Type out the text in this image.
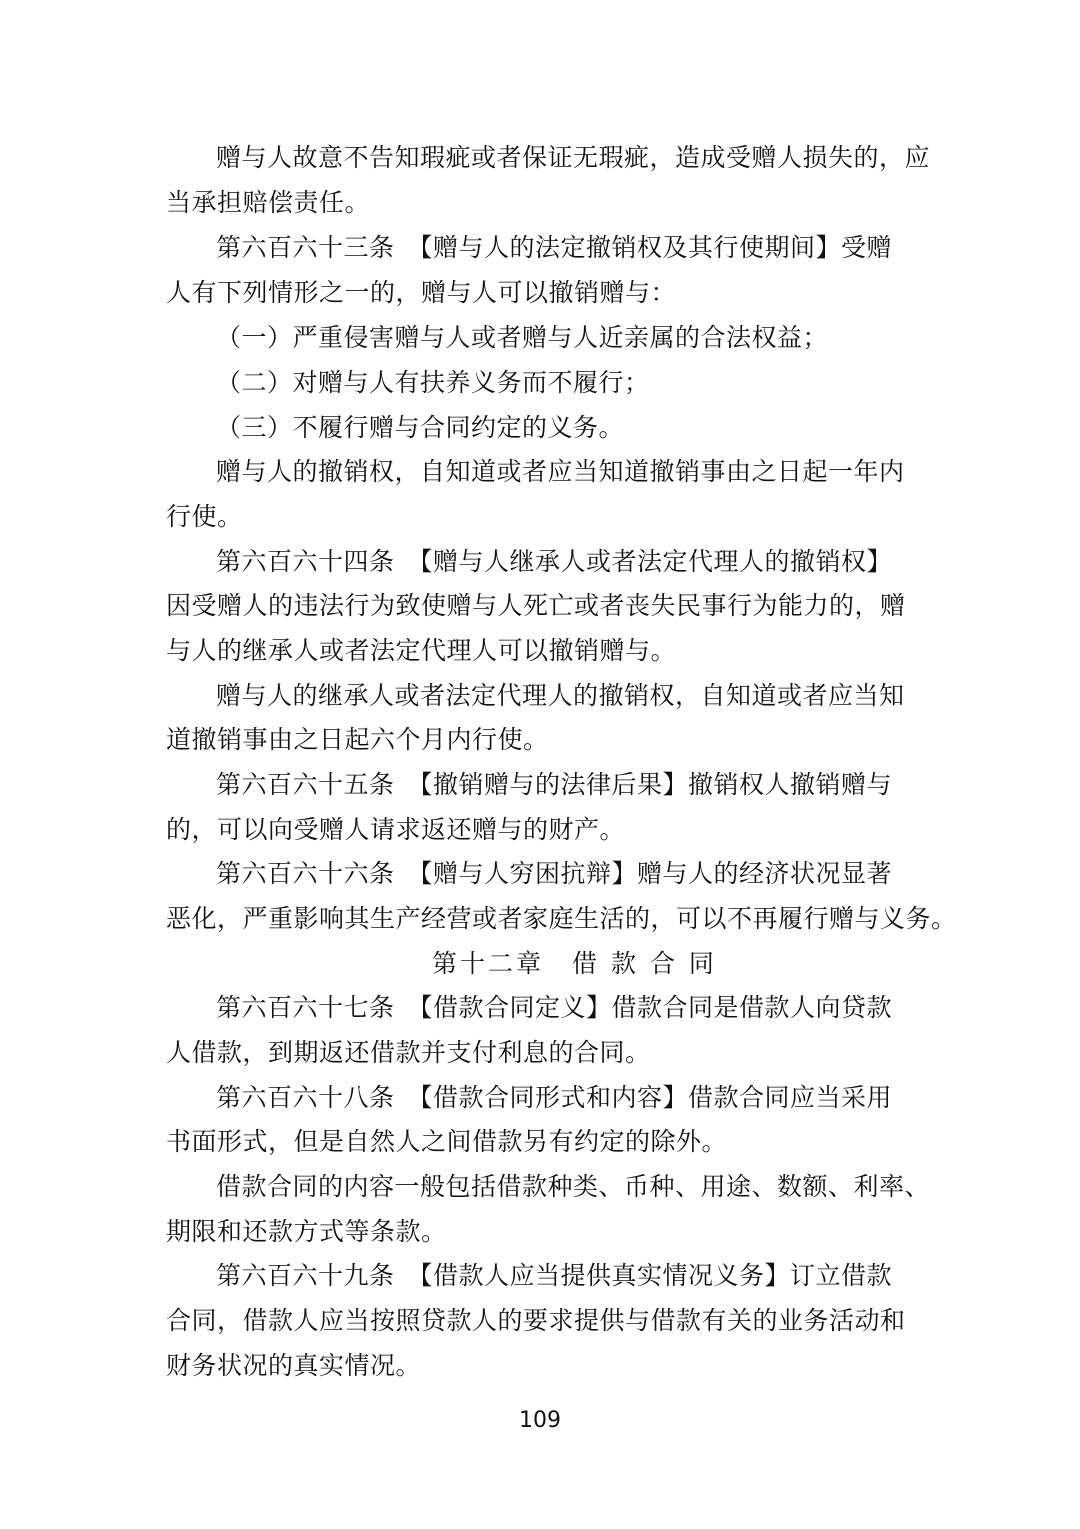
赠与人故意不告知瑕疵或者保证无瑕疵，造成受赠人损失的，应
当承担赔偿责任。
第六百六十三条　【赠与人的法定撤销权及其行使期间】受赠
人有下列情形之一的，赠与人可以撤销赠与：
（一）严重侵害赠与人或者赠与人近亲属的合法权益；
（二）对赠与人有扶养义务而不履行；
（三）不履行赠与合同约定的义务。
赠与人的撤销权，自知道或者应当知道撤销事由之日起一年内
行使。
第六百六十四条　【赠与人继承人或者法定代理人的撤销权】
因受赠人的违法行为致使赠与人死亡或者丧失民事行为能力的，赠
与人的继承人或者法定代理人可以撤销赠与。
赠与人的继承人或者法定代理人的撤销权，自知道或者应当知
道撤销事由之日起六个月内行使。
第六百六十五条　【撤销赠与的法律后果】撤销权人撤销赠与
的，可以向受赠人请求返还赠与的财产。
第六百六十六条　【赠与人穷困抗辩】赠与人的经济状况显著
恶化，严重影响其生产经营或者家庭生活的，可以不再履行赠与义务。
第十二章　借 款 合 同
第六百六十七条　【借款合同定义】借款合同是借款人向贷款
人借款，到期返还借款并支付利息的合同。
第六百六十八条　【借款合同形式和内容】借款合同应当采用
书面形式，但是自然人之间借款另有约定的除外。
借款合同的内容一般包括借款种类、币种、用途、数额、利率、
期限和还款方式等条款。
第六百六十九条　【借款人应当提供真实情况义务】订立借款
合同，借款人应当按照贷款人的要求提供与借款有关的业务活动和
财务状况的真实情况。
109
